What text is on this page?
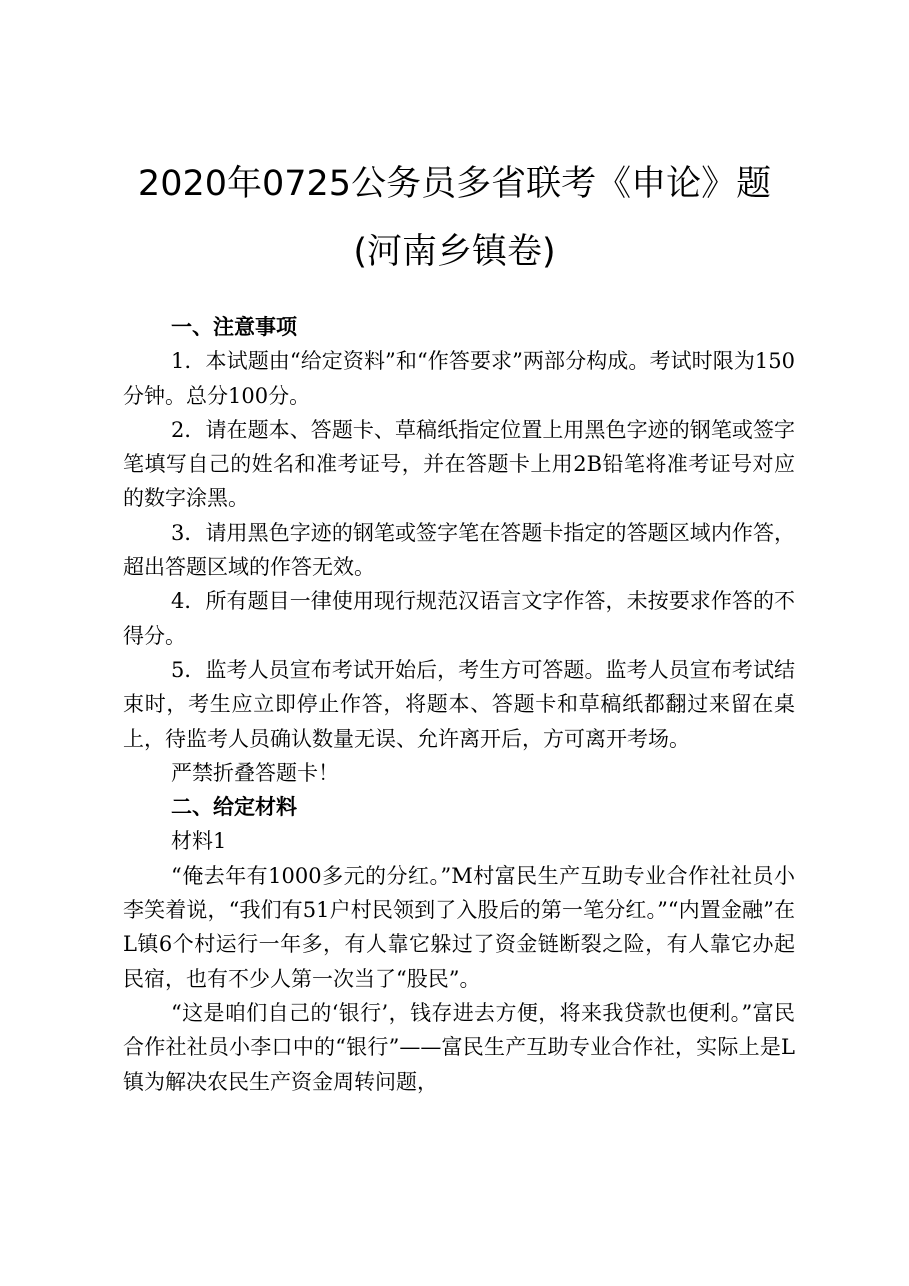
2020年0725公务员多省联考《申论》题
(河南乡镇卷)

一、注意事项

1．本试题由“给定资料”和“作答要求”两部分构成。考试时限为150分钟。总分100分。

2．请在题本、答题卡、草稿纸指定位置上用黑色字迹的钢笔或签字笔填写自己的姓名和准考证号，并在答题卡上用2B铅笔将准考证号对应的数字涂黑。

3．请用黑色字迹的钢笔或签字笔在答题卡指定的答题区域内作答，超出答题区域的作答无效。

4．所有题目一律使用现行规范汉语言文字作答，未按要求作答的不得分。

5．监考人员宣布考试开始后，考生方可答题。监考人员宣布考试结束时，考生应立即停止作答，将题本、答题卡和草稿纸都翻过来留在桌上，待监考人员确认数量无误、允许离开后，方可离开考场。

严禁折叠答题卡！

二、给定材料

材料1

“俺去年有1000多元的分红。”M村富民生产互助专业合作社社员小李笑着说，“我们有51户村民领到了入股后的第一笔分红。”“内置金融”在L镇6个村运行一年多，有人靠它躲过了资金链断裂之险，有人靠它办起民宿，也有不少人第一次当了“股民”。

“这是咱们自己的‘银行’，钱存进去方便，将来我贷款也便利。”富民合作社社员小李口中的“银行”——富民生产互助专业合作社，实际上是L镇为解决农民生产资金周转问题，
